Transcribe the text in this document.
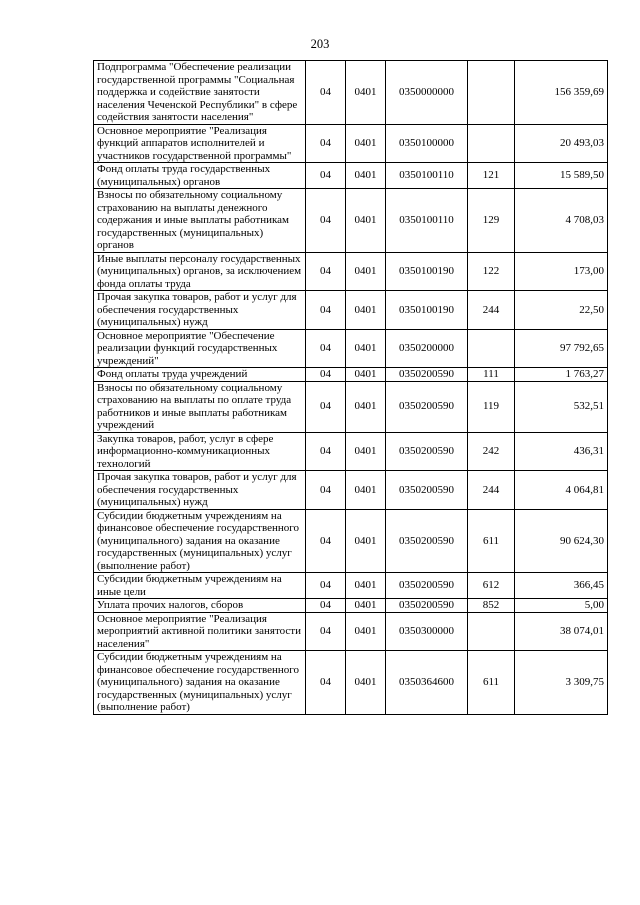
203
Подпрограмма "Обеспечение реализации государственной программы "Социальная поддержка и содействие занятости населения Чеченской Республики" в сфере содействия занятости населения"	04	0401	0350000000		156 359,69
Основное мероприятие "Реализация функций аппаратов исполнителей и участников государственной программы"	04	0401	0350100000		20 493,03
Фонд оплаты труда государственных (муниципальных) органов	04	0401	0350100110	121	15 589,50
Взносы по обязательному социальному страхованию на выплаты денежного содержания и иные выплаты работникам государственных (муниципальных) органов	04	0401	0350100110	129	4 708,03
Иные выплаты персоналу государственных (муниципальных) органов, за исключением фонда оплаты труда	04	0401	0350100190	122	173,00
Прочая закупка товаров, работ и услуг для обеспечения государственных (муниципальных) нужд	04	0401	0350100190	244	22,50
Основное мероприятие "Обеспечение реализации функций государственных учреждений"	04	0401	0350200000		97 792,65
Фонд оплаты труда учреждений	04	0401	0350200590	111	1 763,27
Взносы по обязательному социальному страхованию на выплаты по оплате труда работников и иные выплаты работникам учреждений	04	0401	0350200590	119	532,51
Закупка товаров, работ, услуг в сфере информационно-коммуникационных технологий	04	0401	0350200590	242	436,31
Прочая закупка товаров, работ и услуг для обеспечения государственных (муниципальных) нужд	04	0401	0350200590	244	4 064,81
Субсидии бюджетным учреждениям на финансовое обеспечение государственного (муниципального) задания на оказание государственных (муниципальных) услуг (выполнение работ)	04	0401	0350200590	611	90 624,30
Субсидии бюджетным учреждениям на иные цели	04	0401	0350200590	612	366,45
Уплата прочих налогов, сборов	04	0401	0350200590	852	5,00
Основное мероприятие "Реализация мероприятий активной политики занятости населения"	04	0401	0350300000		38 074,01
Субсидии бюджетным учреждениям на финансовое обеспечение государственного (муниципального) задания на оказание государственных (муниципальных) услуг (выполнение работ)	04	0401	0350364600	611	3 309,75
